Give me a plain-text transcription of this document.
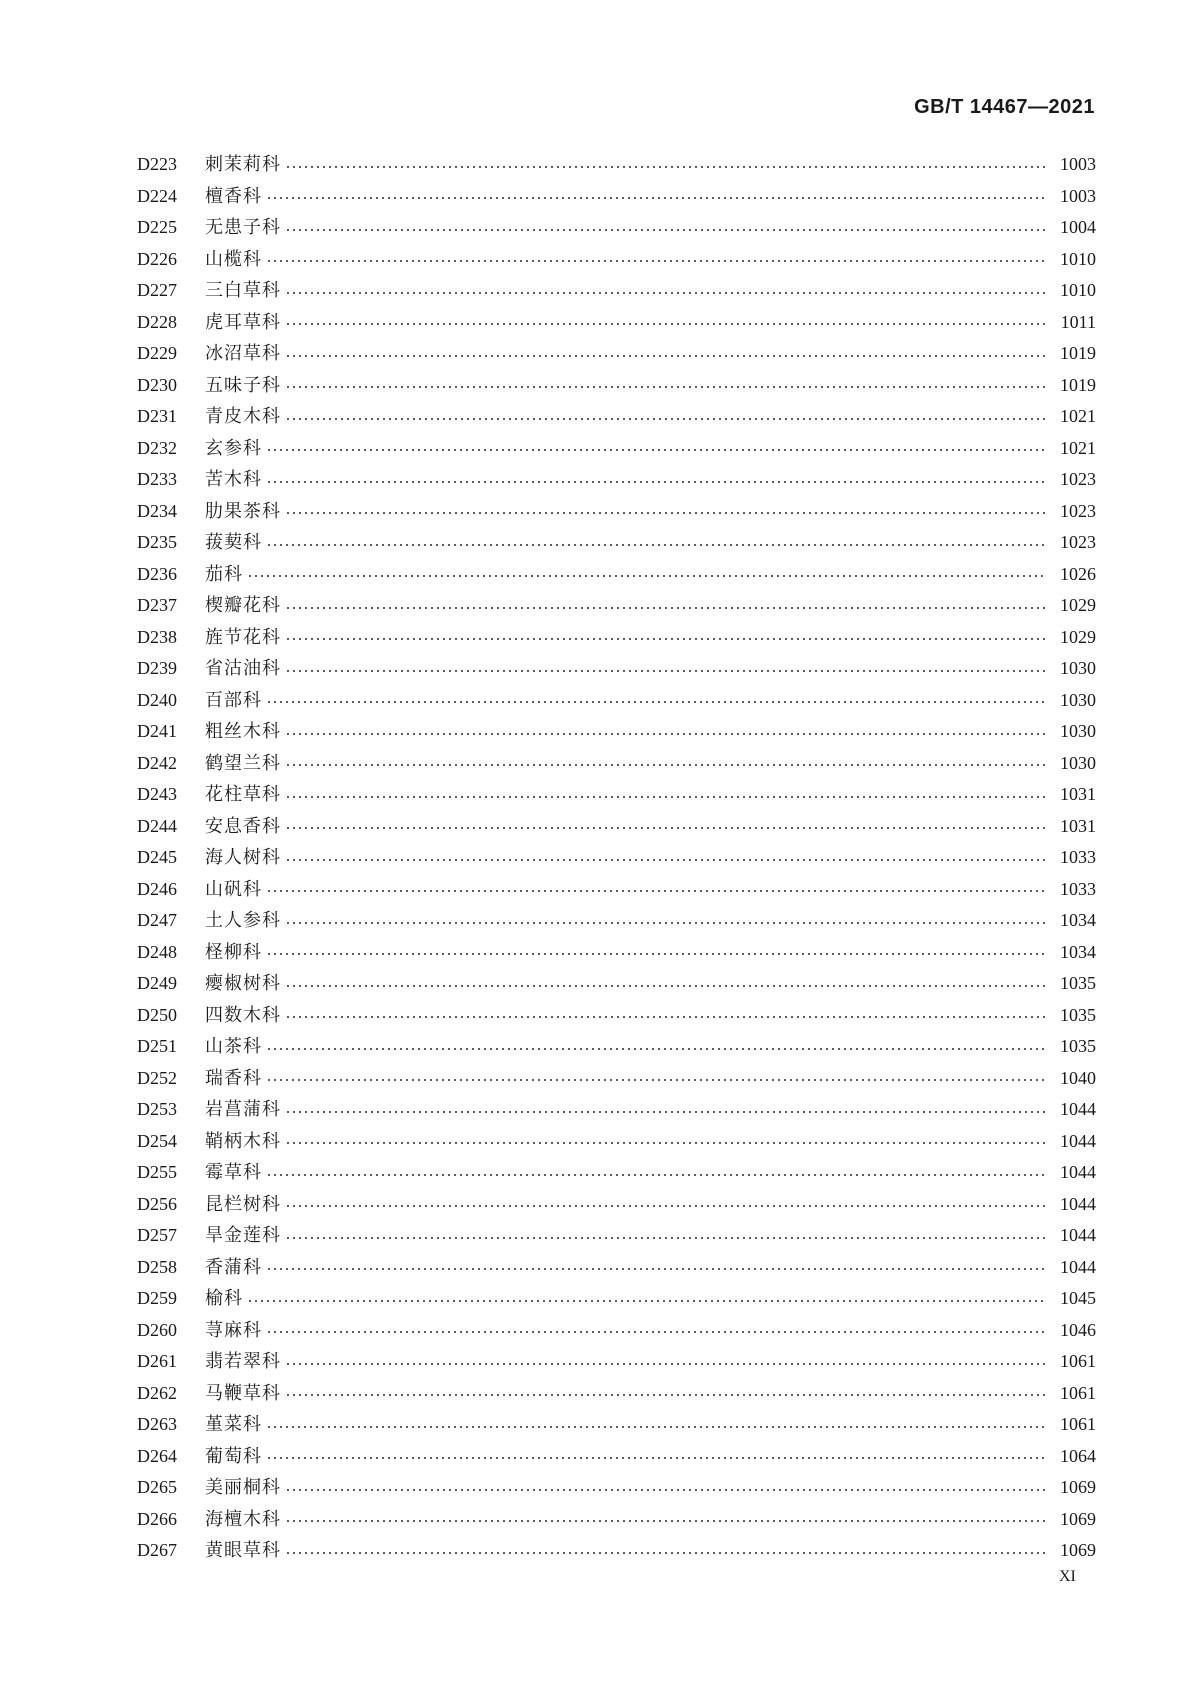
GB/T 14467—2021
D223	刺茉莉科	1003
D224	檀香科	1003
D225	无患子科	1004
D226	山榄科	1010
D227	三白草科	1010
D228	虎耳草科	1011
D229	冰沼草科	1019
D230	五味子科	1019
D231	青皮木科	1021
D232	玄参科	1021
D233	苦木科	1023
D234	肋果茶科	1023
D235	菝葜科	1023
D236	茄科	1026
D237	楔瓣花科	1029
D238	旌节花科	1029
D239	省沽油科	1030
D240	百部科	1030
D241	粗丝木科	1030
D242	鹤望兰科	1030
D243	花柱草科	1031
D244	安息香科	1031
D245	海人树科	1033
D246	山矾科	1033
D247	土人参科	1034
D248	柽柳科	1034
D249	瘿椒树科	1035
D250	四数木科	1035
D251	山茶科	1035
D252	瑞香科	1040
D253	岩菖蒲科	1044
D254	鞘柄木科	1044
D255	霉草科	1044
D256	昆栏树科	1044
D257	旱金莲科	1044
D258	香蒲科	1044
D259	榆科	1045
D260	荨麻科	1046
D261	翡若翠科	1061
D262	马鞭草科	1061
D263	堇菜科	1061
D264	葡萄科	1064
D265	美丽桐科	1069
D266	海檀木科	1069
D267	黄眼草科	1069
XI
